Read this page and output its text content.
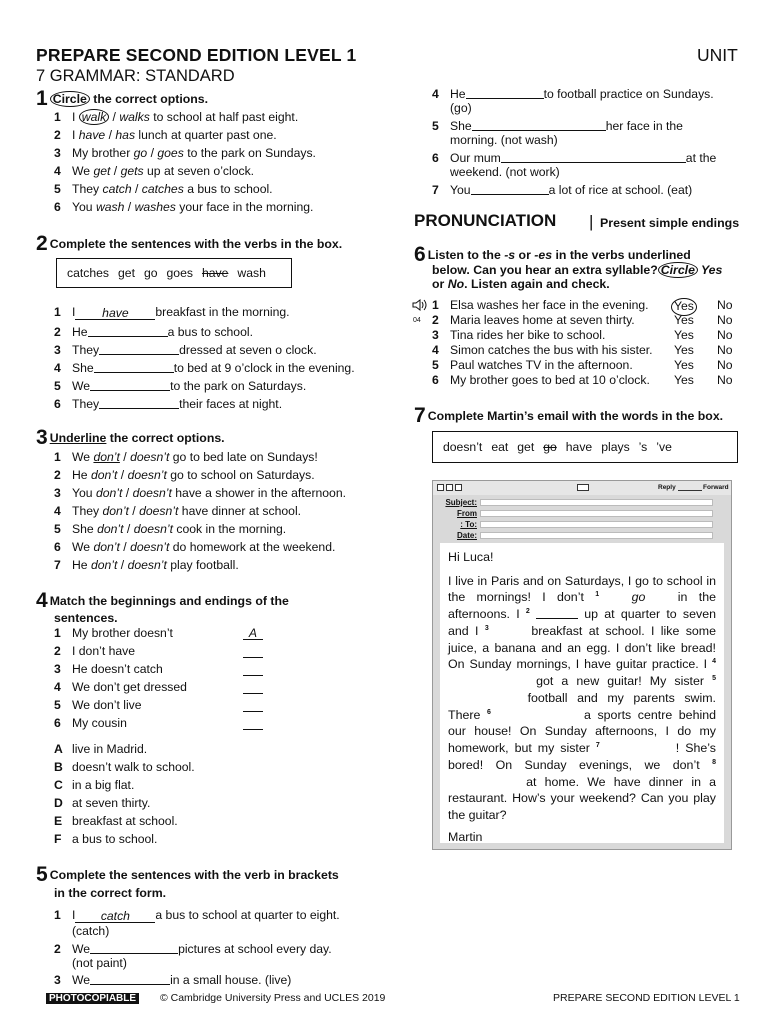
PREPARE SECOND EDITION LEVEL 1	UNIT
7 GRAMMAR: STANDARD
1 Circle the correct options.
1 I walk / walks to school at half past eight.
2 I have / has lunch at quarter past one.
3 My brother go / goes to the park on Sundays.
4 We get / gets up at seven o’clock.
5 They catch / catches a bus to school.
6 You wash / washes your face in the morning.
2 Complete the sentences with the verbs in the box.
catches get go goes have wash
1 I have breakfast in the morning.
2 He	a bus to school.
3 They	dressed at seven o clock.
4 She	to bed at 9 o’clock in the evening.
5 We	to the park on Saturdays.
6 They	their faces at night.
3 Underline the correct options.
1 We don’t / doesn’t go to bed late on Sundays!
2 He don’t / doesn’t go to school on Saturdays.
3 You don’t / doesn’t have a shower in the afternoon.
4 They don’t / doesn’t have dinner at school.
5 She don’t / doesn’t cook in the morning.
6 We don’t / doesn’t do homework at the weekend.
7 He don’t / doesn’t play football.
4 Match the beginnings and endings of the
sentences.
1 My brother doesn’t	A
2 I don’t have
3 He doesn’t catch
4 We don’t get dressed
5 We don’t live
6 My cousin
A live in Madrid.
B doesn’t walk to school.
C in a big flat.
D at seven thirty.
E breakfast at school.
F a bus to school.
5 Complete the sentences with the verb in brackets
in the correct form.
1 I catch a bus to school at quarter to eight.
(catch)
2 We	pictures at school every day.
(not paint)
3 We	in a small house. (live)
4 He	to football practice on Sundays.
(go)
5 She	her face in the
morning. (not wash)
6 Our mum	at the
weekend. (not work)
7 You	a lot of rice at school. (eat)
PRONUNCIATION | Present simple endings
6 Listen to the -s or -es in the verbs underlined
below. Can you hear an extra syllable? Circle Yes
or No. Listen again and check.
04
1 Elsa washes her face in the evening. Yes No
2 Maria leaves home at seven thirty.	Yes No
3 Tina rides her bike to school.	Yes No
4 Simon catches the bus with his sister. Yes No
5 Paul watches TV in the afternoon.	Yes No
6 My brother goes to bed at 10 o’clock. Yes No
7 Complete Martin’s email with the words in the box.
doesn’t eat get go have plays ’s ’ve
Reply	Forward
Subject:
From
: To:
Date:
Hi Luca!
I live in Paris and on Saturdays, I go to school in the mornings! I don’t $^1$	go	in the afternoons. I $^2$	up at quarter to seven and I $^3$	breakfast at school. I like some juice, a banana and an egg. I don’t like bread! On Sunday mornings, I have guitar practice. I $^4$  got a new guitar! My sister $^5$  football and my parents swim. There $^6$	a sports centre behind our house! On Sunday afternoons, I do my homework, but my sister $^7$	! She’s bored! On Sunday evenings, we don’t $^8$  at home. We have dinner in a restaurant. How’s your weekend? Can you play the guitar?
Martin
PHOTOCOPIABLE © Cambridge University Press and UCLES 2019	PREPARE SECOND EDITION LEVEL 1
